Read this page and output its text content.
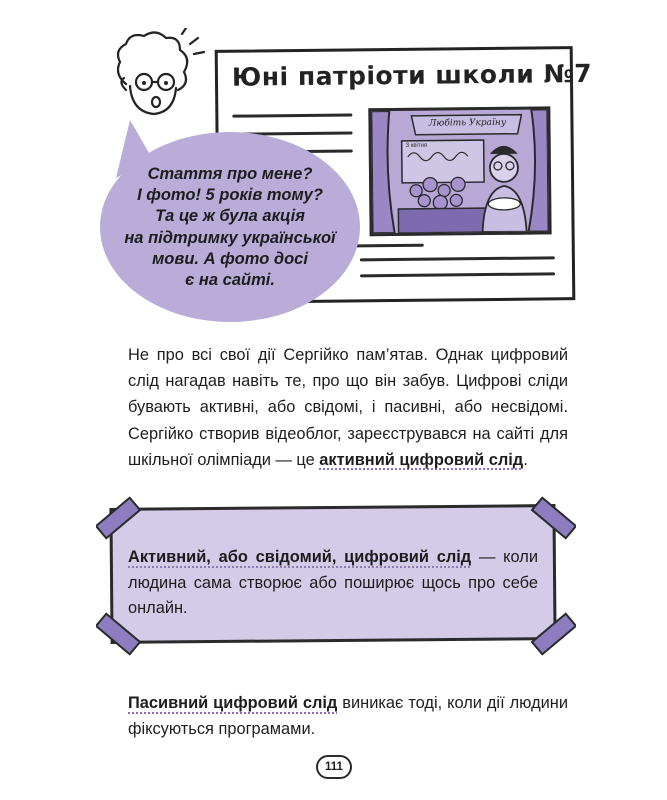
Юні патріоти школи №7
Любіть Україну
3 квітня
Стаття про мене?
І фото! 5 років тому?
Та це ж була акція
на підтримку української
мови. А фото досі
є на сайті.
Не про всі свої дії Сергійко пам’ятав. Однак цифровий слід нагадав навіть те, про що він забув. Цифрові сліди бувають активні, або свідомі, і пасивні, або несвідомі. Сергійко створив відеоблог, зареєструвався на сайті для шкільної олімпіади — це активний цифровий слід.
Активний, або свідомий, цифровий слід — коли людина сама створює або поширює щось про себе онлайн.
Пасивний цифровий слід виникає тоді, коли дії людини фіксуються програмами.
111
